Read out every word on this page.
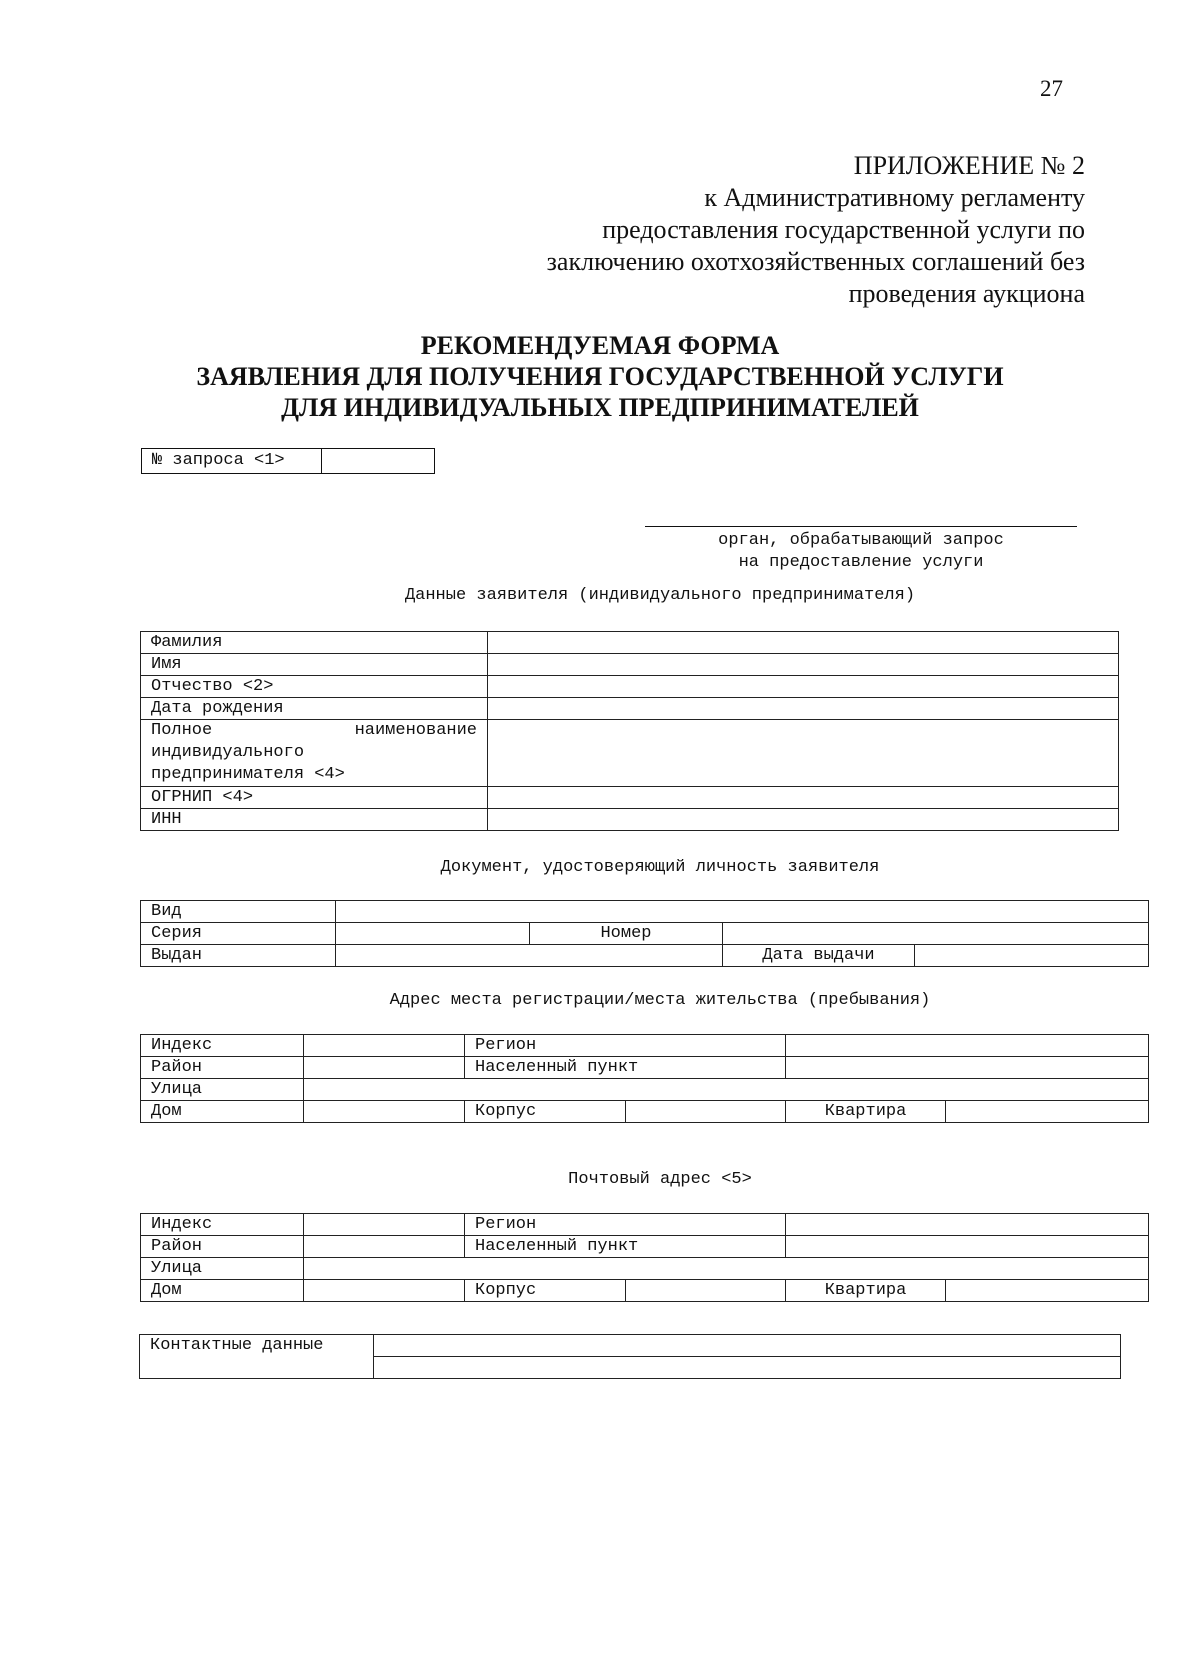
27
ПРИЛОЖЕНИЕ № 2
к Административному регламенту
предоставления государственной услуги по
заключению охотхозяйственных соглашений без
проведения аукциона
РЕКОМЕНДУЕМАЯ ФОРМА
ЗАЯВЛЕНИЯ ДЛЯ ПОЛУЧЕНИЯ ГОСУДАРСТВЕННОЙ УСЛУГИ
ДЛЯ ИНДИВИДУАЛЬНЫХ ПРЕДПРИНИМАТЕЛЕЙ
№ запроса <1>
орган, обрабатывающий запрос
на предоставление услуги
Данные заявителя (индивидуального предпринимателя)
Фамилия	
Имя	
Отчество <2>	
Дата рождения	

Полное наименование
индивидуального
предпринимателя <4>	

ОГРНИП <4>	
ИНН	
Документ, удостоверяющий личность заявителя
Вид				
Серия		Номер		
Выдан			Дата выдачи	
Адрес места регистрации/места жительства (пребывания)
Индекс		Регион			
Район		Населенный пункт			
Улица					
Дом		Корпус		Квартира	
Почтовый адрес <5>
Индекс		Регион			
Район		Населенный пункт			
Улица					
Дом		Корпус		Квартира	
Контактные данные	
